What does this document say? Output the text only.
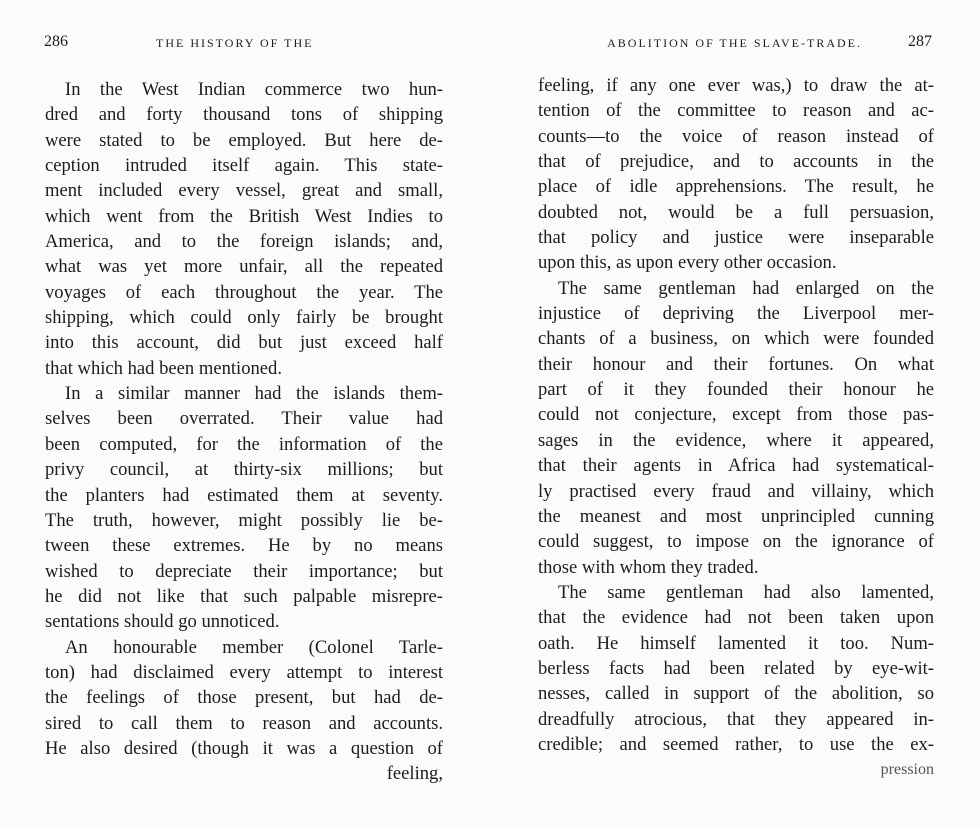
286	THE HISTORY OF THE
In the West Indian commerce two hun-
dred and forty thousand tons of shipping
were stated to be employed. But here de-
ception intruded itself again. This state-
ment included every vessel, great and small,
which went from the British West Indies to
America, and to the foreign islands; and,
what was yet more unfair, all the repeated
voyages of each throughout the year. The
shipping, which could only fairly be brought
into this account, did but just exceed half
that which had been mentioned.
In a similar manner had the islands them-
selves been overrated. Their value had
been computed, for the information of the
privy council, at thirty-six millions; but
the planters had estimated them at seventy.
The truth, however, might possibly lie be-
tween these extremes. He by no means
wished to depreciate their importance; but
he did not like that such palpable misrepre-
sentations should go unnoticed.
An honourable member (Colonel Tarle-
ton) had disclaimed every attempt to interest
the feelings of those present, but had de-
sired to call them to reason and accounts.
He also desired (though it was a question of
feeling,
ABOLITION OF THE SLAVE-TRADE.	287
feeling, if any one ever was,) to draw the at-
tention of the committee to reason and ac-
counts—to the voice of reason instead of
that of prejudice, and to accounts in the
place of idle apprehensions. The result, he
doubted not, would be a full persuasion,
that policy and justice were inseparable
upon this, as upon every other occasion.
The same gentleman had enlarged on the
injustice of depriving the Liverpool mer-
chants of a business, on which were founded
their honour and their fortunes. On what
part of it they founded their honour he
could not conjecture, except from those pas-
sages in the evidence, where it appeared,
that their agents in Africa had systematical-
ly practised every fraud and villainy, which
the meanest and most unprincipled cunning
could suggest, to impose on the ignorance of
those with whom they traded.
The same gentleman had also lamented,
that the evidence had not been taken upon
oath. He himself lamented it too. Num-
berless facts had been related by eye-wit-
nesses, called in support of the abolition, so
dreadfully atrocious, that they appeared in-
credible; and seemed rather, to use the ex-
pression
